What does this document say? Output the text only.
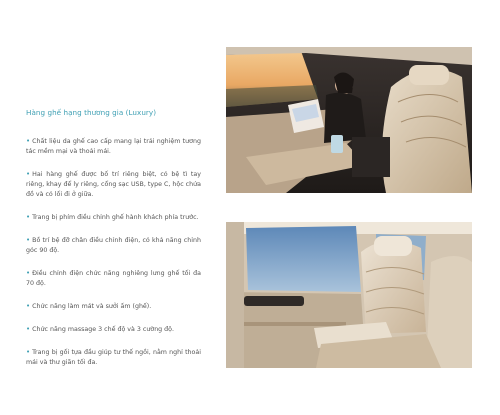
Hàng ghế hạng thương gia (Luxury)
• Chất liệu da ghế cao cấp mang lại trải nghiệm tương tác mềm mại và thoải mái.
• Hai hàng ghế được bố trí riêng biệt, có bệ tì tay riêng, khay để ly riêng, cổng sạc USB, type C, hộc chứa đồ và có lối đi ở giữa.
• Trang bị phím điều chỉnh ghế hành khách phía trước.
• Bồ trí bệ đỡ chân điều chỉnh điện, có khả năng chỉnh góc 90 độ.
• Điều chỉnh điện chức năng nghiêng lưng ghế tối đa 70 độ.
• Chức năng làm mát và sưởi ấm (ghế).
• Chức năng massage 3 chế độ và 3 cường độ.
• Trang bị gối tựa đầu giúp tư thế ngồi, nằm nghỉ thoải mái và thư giãn tối đa.
